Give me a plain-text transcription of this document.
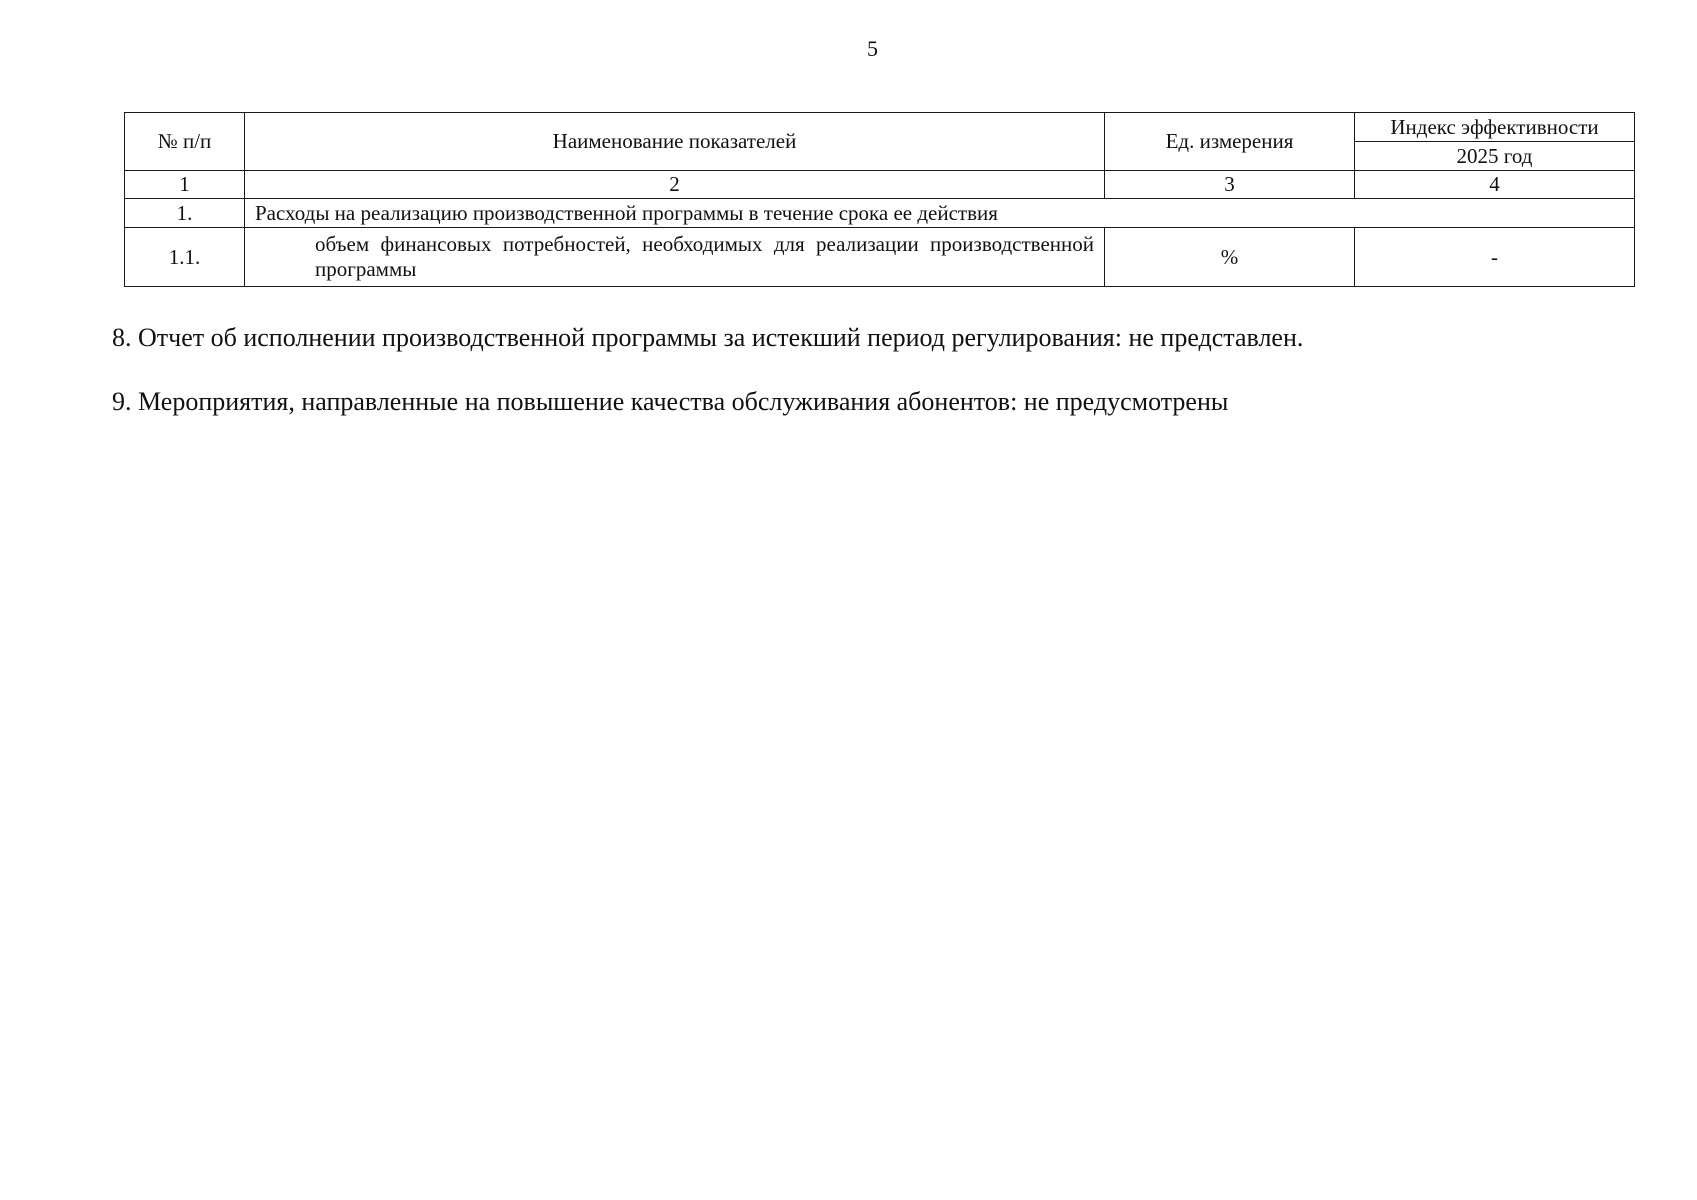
5
№ п/п	Наименование показателей	Ед. измерения	Индекс эффективности
			2025 год
1	2	3	4
1.	Расходы на реализацию производственной программы в течение срока ее действия		
1.1.	объем финансовых потребностей, необходимых для реализации производственной программы	%	-
8. Отчет об исполнении производственной программы за истекший период регулирования: не представлен.
9. Мероприятия, направленные на повышение качества обслуживания абонентов: не предусмотрены
